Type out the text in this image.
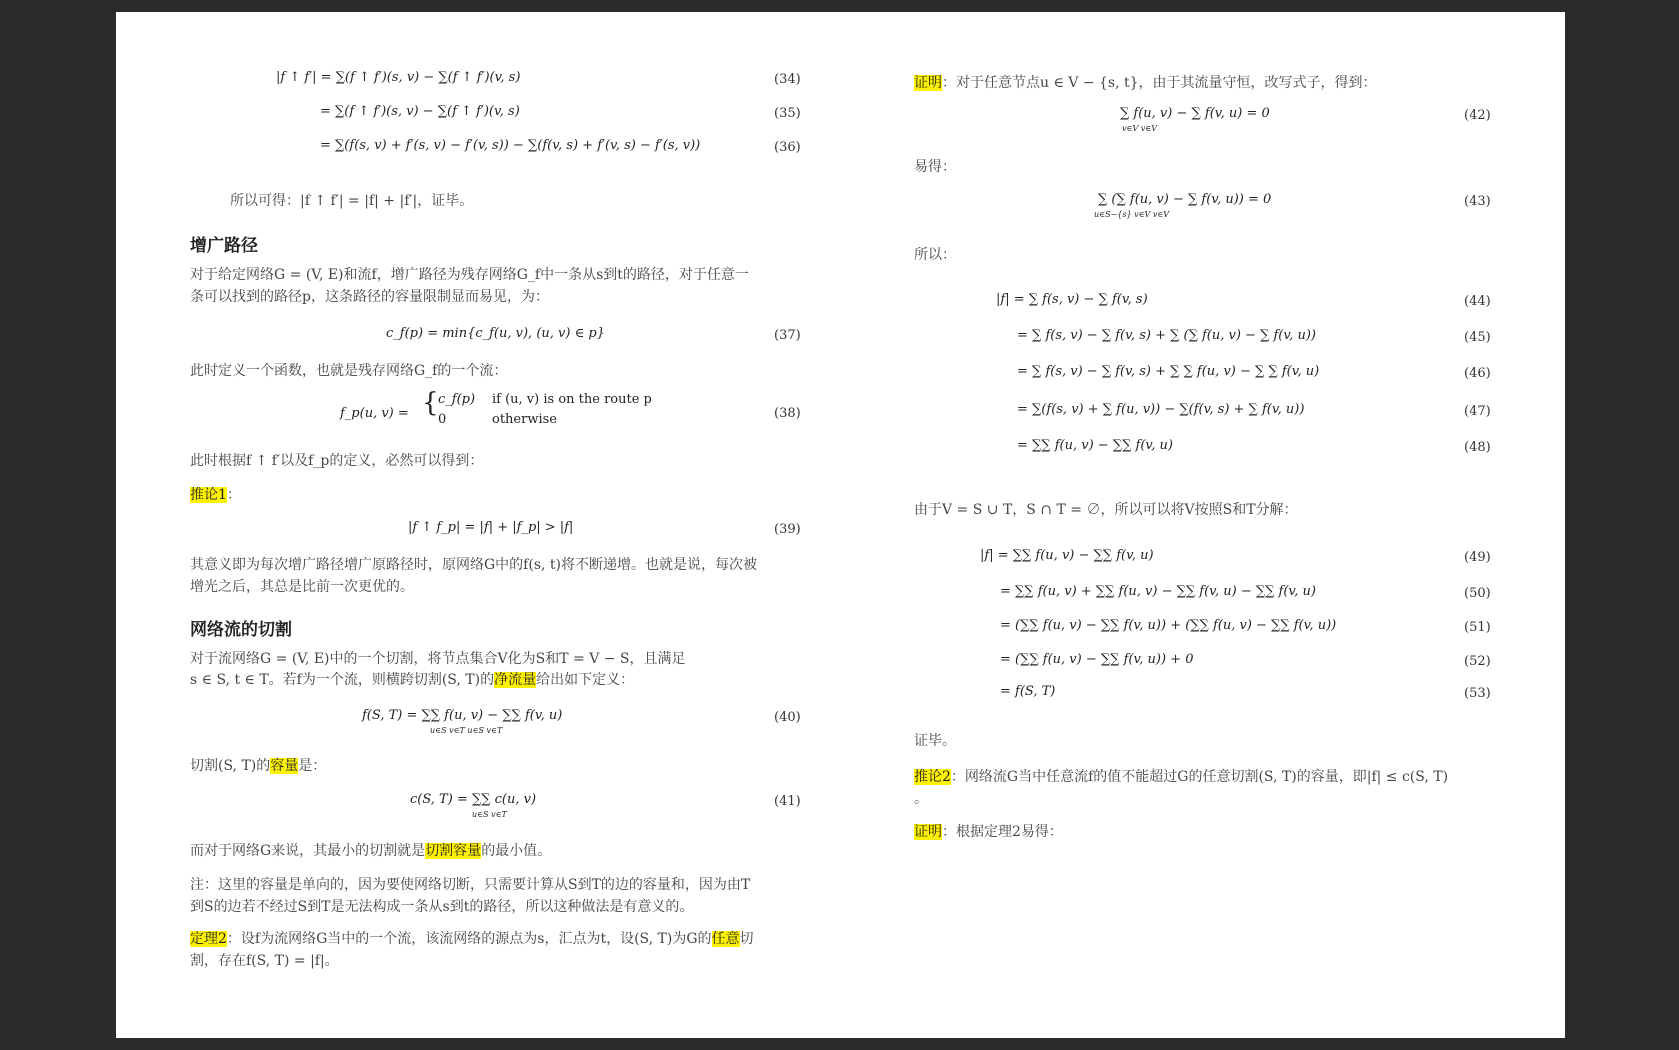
|f ↑ f′| = ∑(f ↑ f′)(s, v) − ∑(f ↑ f′)(v, s)	(34)
= ∑(f ↑ f′)(s, v) − ∑(f ↑ f′)(v, s)	(35)
= ∑(f(s, v) + f′(s, v) − f′(v, s)) − ∑(f(v, s) + f′(v, s) − f′(s, v))	(36)
所以可得：|f ↑ f′| = |f| + |f′|，证毕。
增广路径
对于给定网络G = (V, E)和流f，增广路径为残存网络G_f中一条从s到t的路径，对于任意一条可以找到的路径p，这条路径的容量限制显而易见，为：
c_f(p) = min{c_f(u, v), (u, v) ∈ p}	(37)
此时定义一个函数，也就是残存网络G_f的一个流：
f_p(u, v) = { c_f(p) if (u, v) is on the route p
0	otherwise	(38)
此时根据f ↑ f′以及f_p的定义，必然可以得到：
推论1：
|f ↑ f_p| = |f| + |f_p| > |f|	(39)
其意义即为每次增广路径增广原路径时，原网络G中的f(s, t)将不断递增。也就是说，每次被增光之后，其总是比前一次更优的。
网络流的切割
对于流网络G = (V, E)中的一个切割，将节点集合V化为S和T = V − S，且满足
s ∈ S, t ∈ T。若f为一个流，则横跨切割(S, T)的净流量给出如下定义：
f(S, T) = ∑∑ f(u, v) − ∑∑ f(v, u)
u∈S v∈T u∈S v∈T
(40)
切割(S, T)的容量是：
c(S, T) = ∑∑ c(u, v)
u∈S v∈T
(41)
而对于网络G来说，其最小的切割就是切割容量的最小值。
注：这里的容量是单向的，因为要使网络切断，只需要计算从S到T的边的容量和，因为由T到S的边若不经过S到T是无法构成一条从s到t的路径，所以这种做法是有意义的。
定理2：设f为流网络G当中的一个流，该流网络的源点为s，汇点为t，设(S, T)为G的任意切割，存在f(S, T) = |f|。
证明：对于任意节点u ∈ V − {s, t}，由于其流量守恒，改写式子，得到：
∑ f(u, v) − ∑ f(v, u) = 0
v∈V v∈V
(42)
易得：
∑ (∑ f(u, v) − ∑ f(v, u)) = 0
u∈S−{s} v∈V v∈V
(43)
所以：
|f| = ∑ f(s, v) − ∑ f(v, s)	(44)
= ∑ f(s, v) − ∑ f(v, s) + ∑ (∑ f(u, v) − ∑ f(v, u))	(45)
= ∑ f(s, v) − ∑ f(v, s) + ∑ ∑ f(u, v) − ∑ ∑ f(v, u)	(46)
= ∑(f(s, v) + ∑ f(u, v)) − ∑(f(v, s) + ∑ f(v, u))	(47)
= ∑∑ f(u, v) − ∑∑ f(v, u)	(48)
由于V = S ∪ T，S ∩ T = ∅，所以可以将V按照S和T分解：
|f| = ∑∑ f(u, v) − ∑∑ f(v, u)	(49)
= ∑∑ f(u, v) + ∑∑ f(u, v) − ∑∑ f(v, u) − ∑∑ f(v, u)	(50)
= (∑∑ f(u, v) − ∑∑ f(v, u)) + (∑∑ f(u, v) − ∑∑ f(v, u))	(51)
= (∑∑ f(u, v) − ∑∑ f(v, u)) + 0	(52)
= f(S, T)	(53)
证毕。
推论2：网络流G当中任意流f的值不能超过G的任意切割(S, T)的容量，即|f| ≤ c(S, T)
。
证明：根据定理2易得：
